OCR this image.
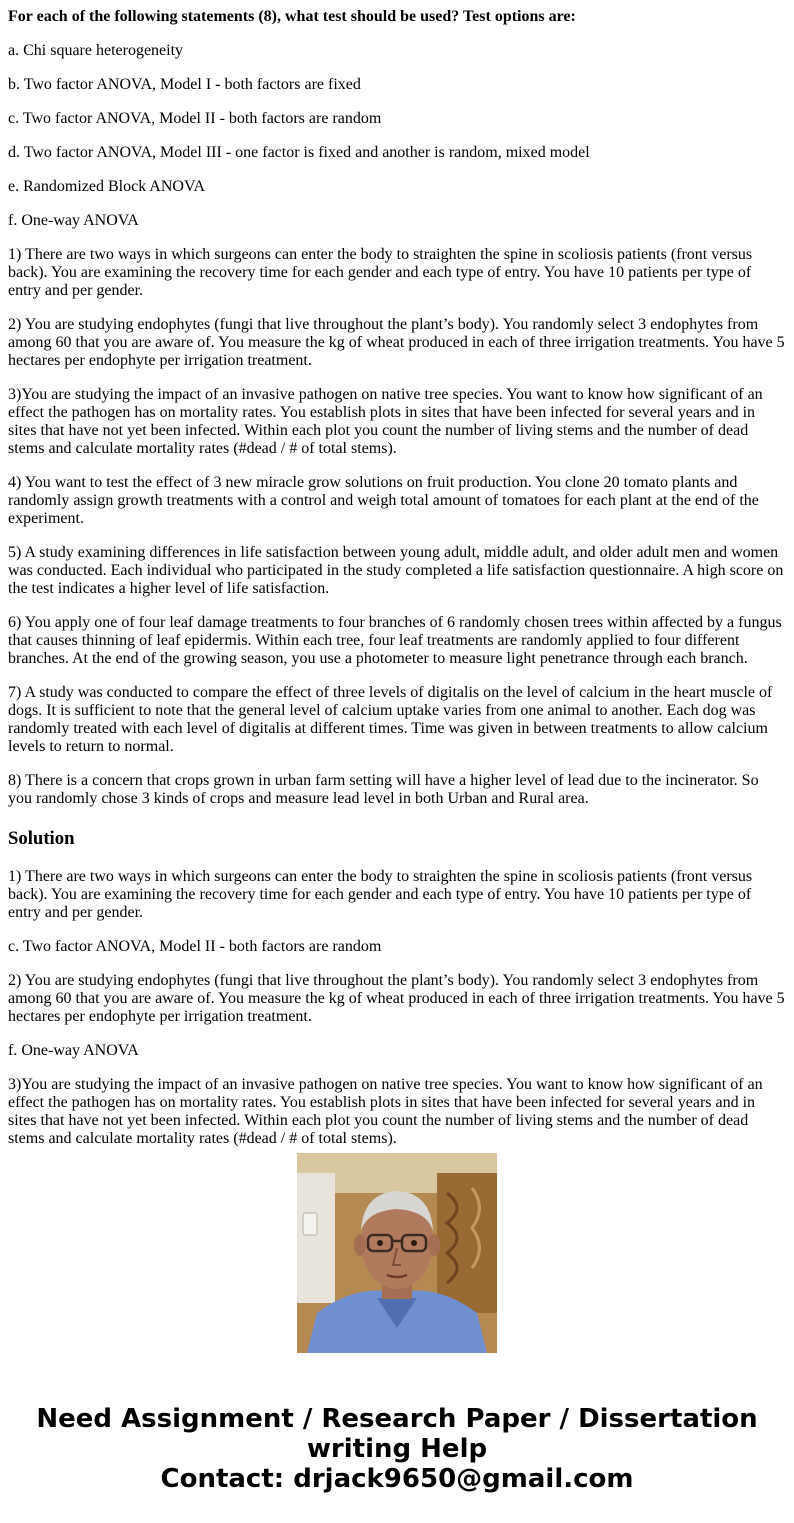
For each of the following statements (8), what test should be used? Test options are:

a. Chi square heterogeneity

b. Two factor ANOVA, Model I - both factors are fixed

c. Two factor ANOVA, Model II - both factors are random

d. Two factor ANOVA, Model III - one factor is fixed and another is random, mixed model

e. Randomized Block ANOVA

f. One-way ANOVA

1) There are two ways in which surgeons can enter the body to straighten the spine in scoliosis patients (front versus back). You are examining the recovery time for each gender and each type of entry. You have 10 patients per type of entry and per gender.

2) You are studying endophytes (fungi that live throughout the plant’s body). You randomly select 3 endophytes from among 60 that you are aware of. You measure the kg of wheat produced in each of three irrigation treatments. You have 5 hectares per endophyte per irrigation treatment.

3)You are studying the impact of an invasive pathogen on native tree species. You want to know how significant of an effect the pathogen has on mortality rates. You establish plots in sites that have been infected for several years and in sites that have not yet been infected. Within each plot you count the number of living stems and the number of dead stems and calculate mortality rates (#dead / # of total stems).

4) You want to test the effect of 3 new miracle grow solutions on fruit production. You clone 20 tomato plants and randomly assign growth treatments with a control and weigh total amount of tomatoes for each plant at the end of the experiment.

5) A study examining differences in life satisfaction between young adult, middle adult, and older adult men and women was conducted. Each individual who participated in the study completed a life satisfaction questionnaire. A high score on the test indicates a higher level of life satisfaction.

6) You apply one of four leaf damage treatments to four branches of 6 randomly chosen trees within affected by a fungus that causes thinning of leaf epidermis. Within each tree, four leaf treatments are randomly applied to four different branches. At the end of the growing season, you use a photometer to measure light penetrance through each branch.

7) A study was conducted to compare the effect of three levels of digitalis on the level of calcium in the heart muscle of dogs. It is sufficient to note that the general level of calcium uptake varies from one animal to another. Each dog was randomly treated with each level of digitalis at different times. Time was given in between treatments to allow calcium levels to return to normal.

8) There is a concern that crops grown in urban farm setting will have a higher level of lead due to the incinerator. So you randomly chose 3 kinds of crops and measure lead level in both Urban and Rural area.

Solution

1) There are two ways in which surgeons can enter the body to straighten the spine in scoliosis patients (front versus back). You are examining the recovery time for each gender and each type of entry. You have 10 patients per type of entry and per gender.

c. Two factor ANOVA, Model II - both factors are random

2) You are studying endophytes (fungi that live throughout the plant’s body). You randomly select 3 endophytes from among 60 that you are aware of. You measure the kg of wheat produced in each of three irrigation treatments. You have 5 hectares per endophyte per irrigation treatment.

f. One-way ANOVA

3)You are studying the impact of an invasive pathogen on native tree species. You want to know how significant of an effect the pathogen has on mortality rates. You establish plots in sites that have been infected for several years and in sites that have not yet been infected. Within each plot you count the number of living stems and the number of dead stems and calculate mortality rates (#dead / # of total stems).

Need Assignment / Research Paper / Dissertation
writing Help
Contact: drjack9650@gmail.com
